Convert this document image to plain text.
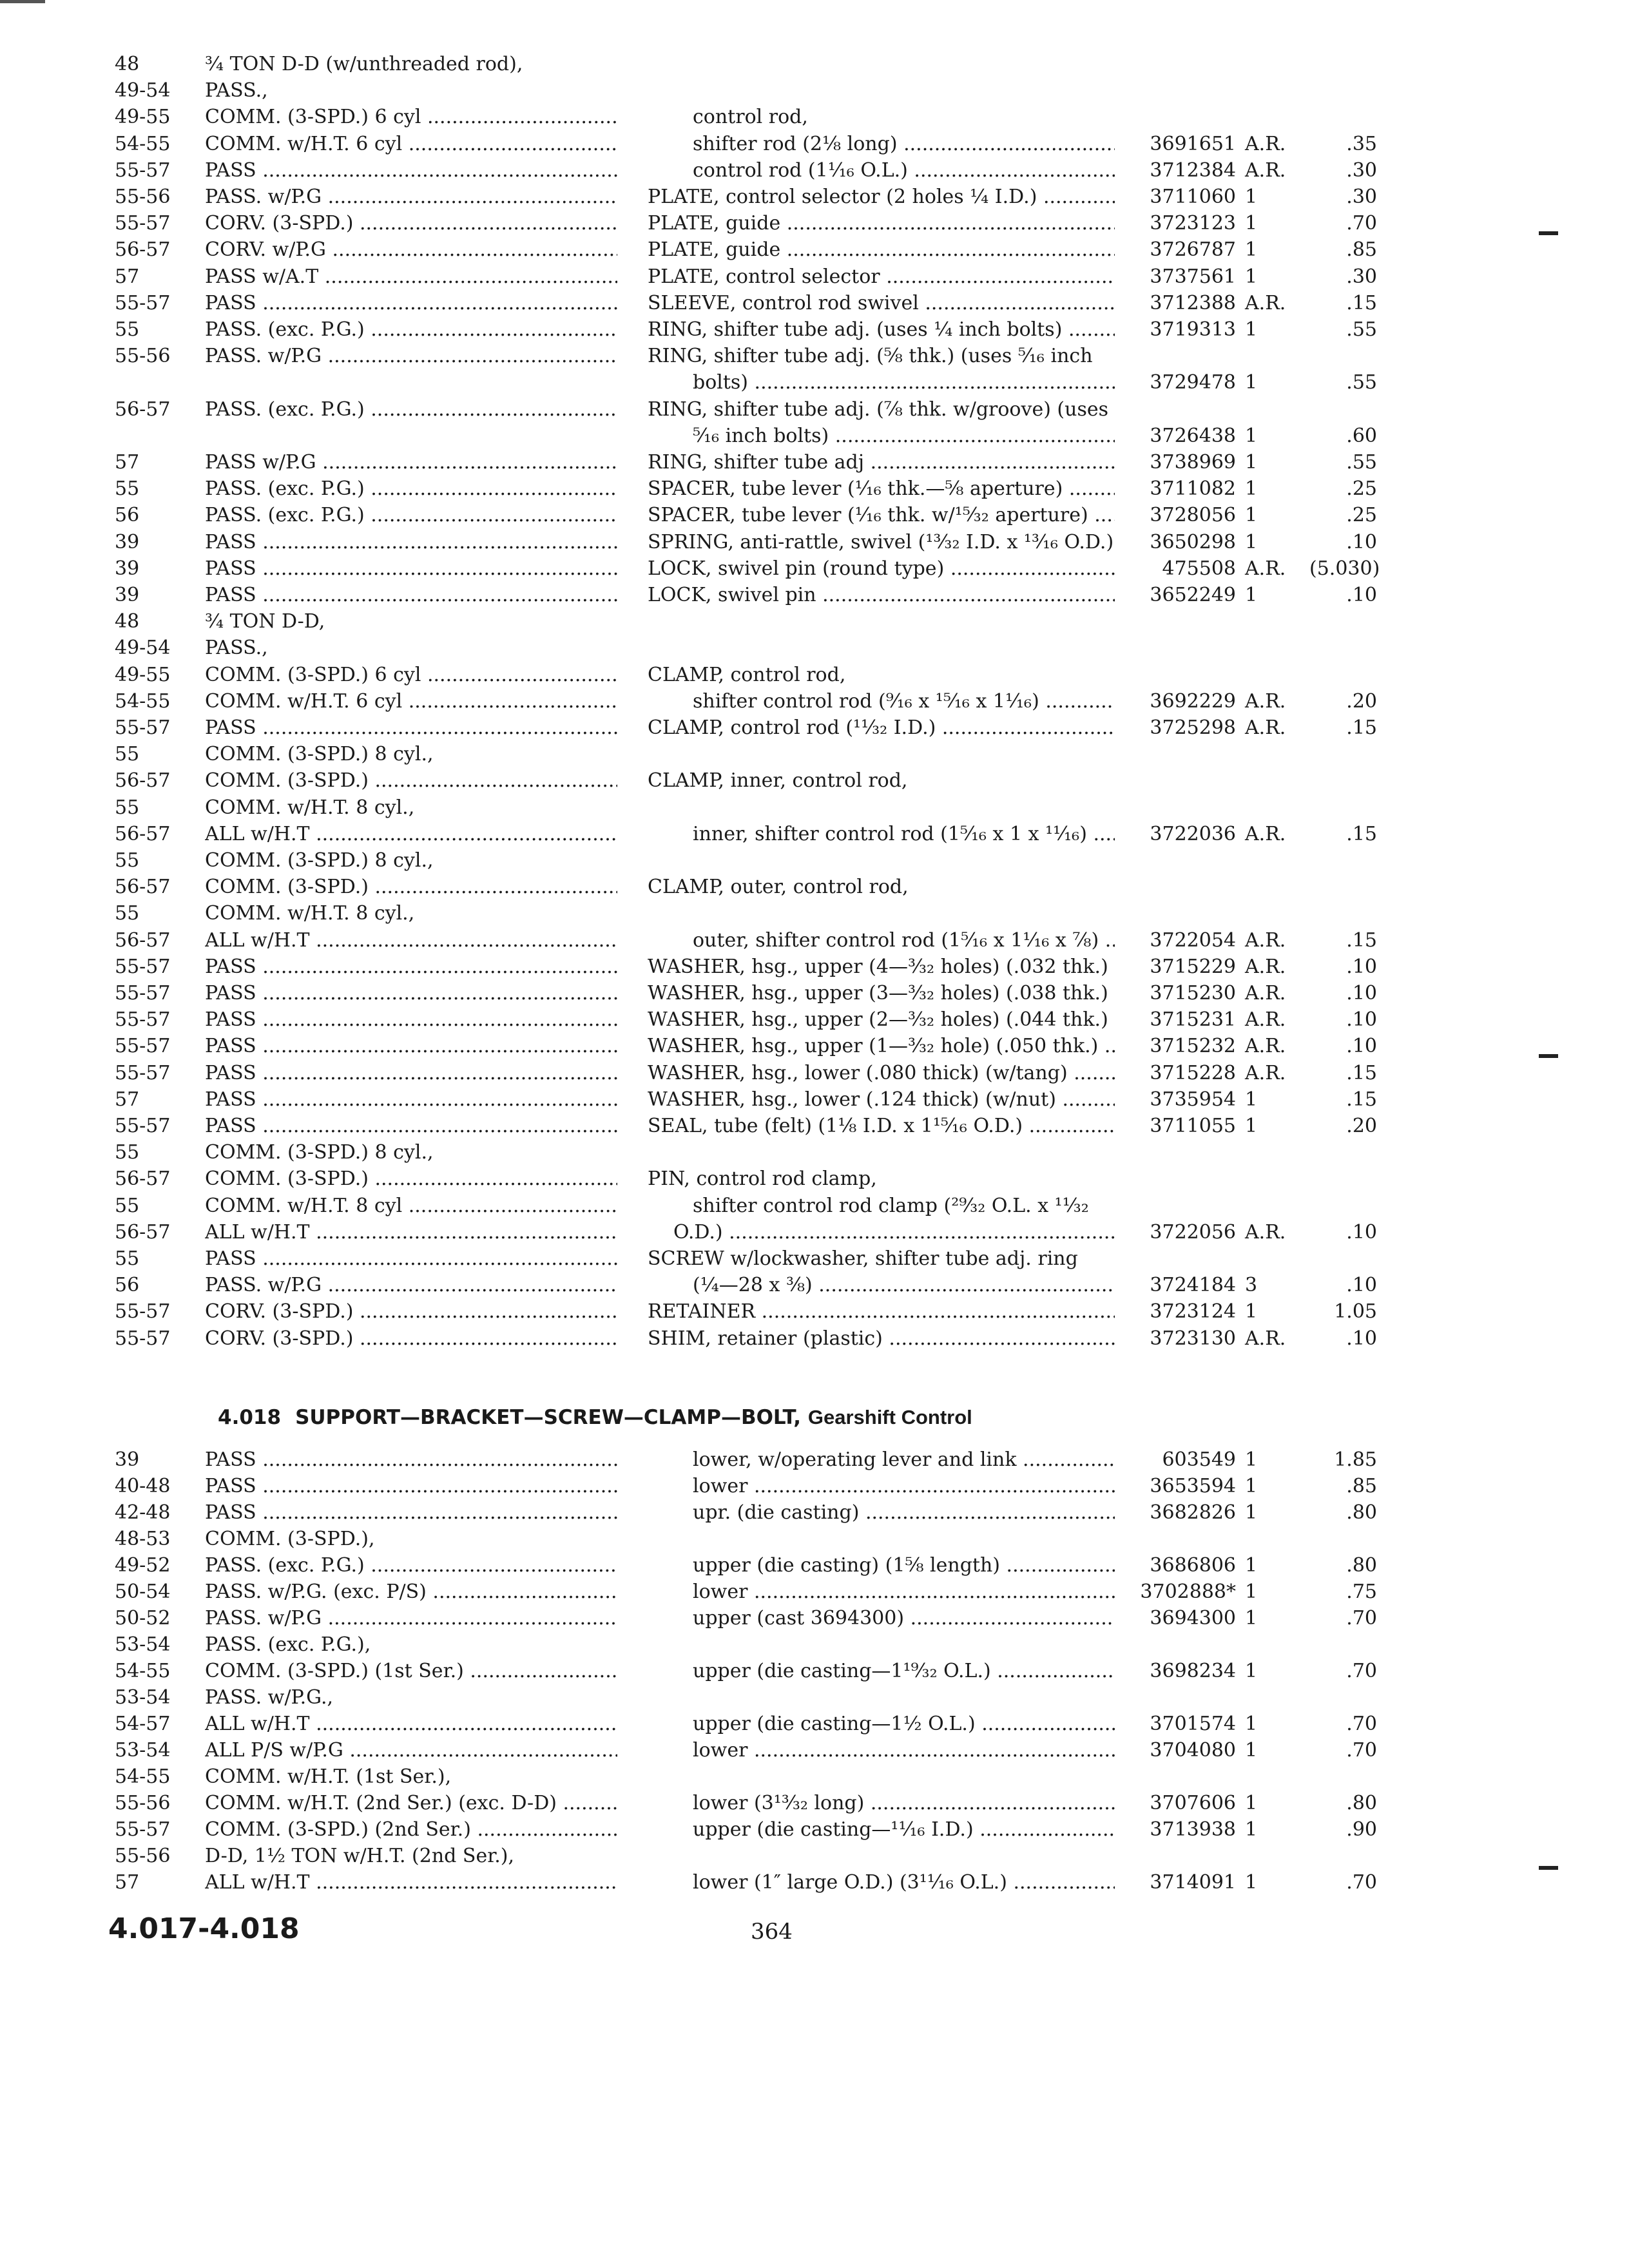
48	¾ TON D-D (w/unthreaded rod),
49-54	PASS.,
49-55	COMM. (3-SPD.) 6 cyl .....	control rod,
54-55	COMM. w/H.T. 6 cyl .....	shifter rod (2⅛ long) .....	3691651 A.R.	.35
55-57	PASS .....	control rod (1⅟₁₆ O.L.) .....	3712384 A.R.	.30
55-56	PASS. w/P.G .....	PLATE, control selector (2 holes ¼ I.D.) .....	3711060 1	.30
55-57	CORV. (3-SPD.) .....	PLATE, guide .....	3723123 1	.70
56-57	CORV. w/P.G .....	PLATE, guide .....	3726787 1	.85
57	PASS w/A.T .....	PLATE, control selector .....	3737561 1	.30
55-57	PASS .....	SLEEVE, control rod swivel .....	3712388 A.R.	.15
55	PASS. (exc. P.G.) .....	RING, shifter tube adj. (uses ¼ inch bolts) .....	3719313 1	.55
55-56	PASS. w/P.G .....	RING, shifter tube adj. (⅝ thk.) (uses ⁵⁄₁₆ inch
bolts) .....	3729478 1	.55
56-57	PASS. (exc. P.G.) .....	RING, shifter tube adj. (⅞ thk. w/groove) (uses
⁵⁄₁₆ inch bolts) .....	3726438 1	.60
57	PASS w/P.G .....	RING, shifter tube adj .....	3738969 1	.55
55	PASS. (exc. P.G.) .....	SPACER, tube lever (⅟₁₆ thk.—⅝ aperture) .....	3711082 1	.25
56	PASS. (exc. P.G.) .....	SPACER, tube lever (⅟₁₆ thk. w/¹⁵⁄₃₂ aperture) .....	3728056 1	.25
39	PASS .....	SPRING, anti-rattle, swivel (¹³⁄₃₂ I.D. x ¹³⁄₁₆ O.D.) .....	3650298 1	.10
39	PASS .....	LOCK, swivel pin (round type) .....	475508 A.R.	(5.030)
39	PASS .....	LOCK, swivel pin .....	3652249 1	.10
48	¾ TON D-D,
49-54	PASS.,
49-55	COMM. (3-SPD.) 6 cyl .....	CLAMP, control rod,
54-55	COMM. w/H.T. 6 cyl .....	shifter control rod (⁹⁄₁₆ x ¹⁵⁄₁₆ x 1⅟₁₆) .....	3692229 A.R.	.20
55-57	PASS .....	CLAMP, control rod (¹¹⁄₃₂ I.D.) .....	3725298 A.R.	.15
55	COMM. (3-SPD.) 8 cyl.,
56-57	COMM. (3-SPD.) .....	CLAMP, inner, control rod,
55	COMM. w/H.T. 8 cyl.,
56-57	ALL w/H.T .....	inner, shifter control rod (1⁵⁄₁₆ x 1 x ¹¹⁄₁₆) .....	3722036 A.R.	.15
55	COMM. (3-SPD.) 8 cyl.,
56-57	COMM. (3-SPD.) .....	CLAMP, outer, control rod,
55	COMM. w/H.T. 8 cyl.,
56-57	ALL w/H.T .....	outer, shifter control rod (1⁵⁄₁₆ x 1⅟₁₆ x ⅞) .....	3722054 A.R.	.15
55-57	PASS .....	WASHER, hsg., upper (4—³⁄₃₂ holes) (.032 thk.) .....	3715229 A.R.	.10
55-57	PASS .....	WASHER, hsg., upper (3—³⁄₃₂ holes) (.038 thk.) .....	3715230 A.R.	.10
55-57	PASS .....	WASHER, hsg., upper (2—³⁄₃₂ holes) (.044 thk.) .....	3715231 A.R.	.10
55-57	PASS .....	WASHER, hsg., upper (1—³⁄₃₂ hole) (.050 thk.) .....	3715232 A.R.	.10
55-57	PASS .....	WASHER, hsg., lower (.080 thick) (w/tang) .....	3715228 A.R.	.15
57	PASS .....	WASHER, hsg., lower (.124 thick) (w/nut) .....	3735954 1	.15
55-57	PASS .....	SEAL, tube (felt) (1⅛ I.D. x 1¹⁵⁄₁₆ O.D.) .....	3711055 1	.20
55	COMM. (3-SPD.) 8 cyl.,
56-57	COMM. (3-SPD.) .....	PIN, control rod clamp,
55	COMM. w/H.T. 8 cyl .....	shifter control rod clamp (²⁹⁄₃₂ O.L. x ¹¹⁄₃₂
56-57	ALL w/H.T .....	O.D.) .....	3722056 A.R.	.10
55	PASS .....	SCREW w/lockwasher, shifter tube adj. ring
56	PASS. w/P.G .....	(¼—28 x ⅜) .....	3724184 3	.10
55-57	CORV. (3-SPD.) .....	RETAINER .....	3723124 1	1.05
55-57	CORV. (3-SPD.) .....	SHIM, retainer (plastic) .....	3723130 A.R.	.10
4.018 SUPPORT—BRACKET—SCREW—CLAMP—BOLT, Gearshift Control
39	PASS .....	lower, w/operating lever and link .....	603549 1	1.85
40-48	PASS .....	lower .....	3653594 1	.85
42-48	PASS .....	upr. (die casting) .....	3682826 1	.80
48-53	COMM. (3-SPD.),
49-52	PASS. (exc. P.G.) .....	upper (die casting) (1⅝ length) .....	3686806 1	.80
50-54	PASS. w/P.G. (exc. P/S) .....	lower .....	3702888* 1	.75
50-52	PASS. w/P.G .....	upper (cast 3694300) .....	3694300 1	.70
53-54	PASS. (exc. P.G.),
54-55	COMM. (3-SPD.) (1st Ser.) .....	upper (die casting—1¹⁹⁄₃₂ O.L.) .....	3698234 1	.70
53-54	PASS. w/P.G.,
54-57	ALL w/H.T .....	upper (die casting—1½ O.L.) .....	3701574 1	.70
53-54	ALL P/S w/P.G .....	lower .....	3704080 1	.70
54-55	COMM. w/H.T. (1st Ser.),
55-56	COMM. w/H.T. (2nd Ser.) (exc. D-D) .....	lower (3¹³⁄₃₂ long) .....	3707606 1	.80
55-57	COMM. (3-SPD.) (2nd Ser.) .....	upper (die casting—¹¹⁄₁₆ I.D.) .....	3713938 1	.90
55-56	D-D, 1½ TON w/H.T. (2nd Ser.),
57	ALL w/H.T .....	lower (1″ large O.D.) (3¹¹⁄₁₆ O.L.) .....	3714091 1	.70
4.017-4.018	364
